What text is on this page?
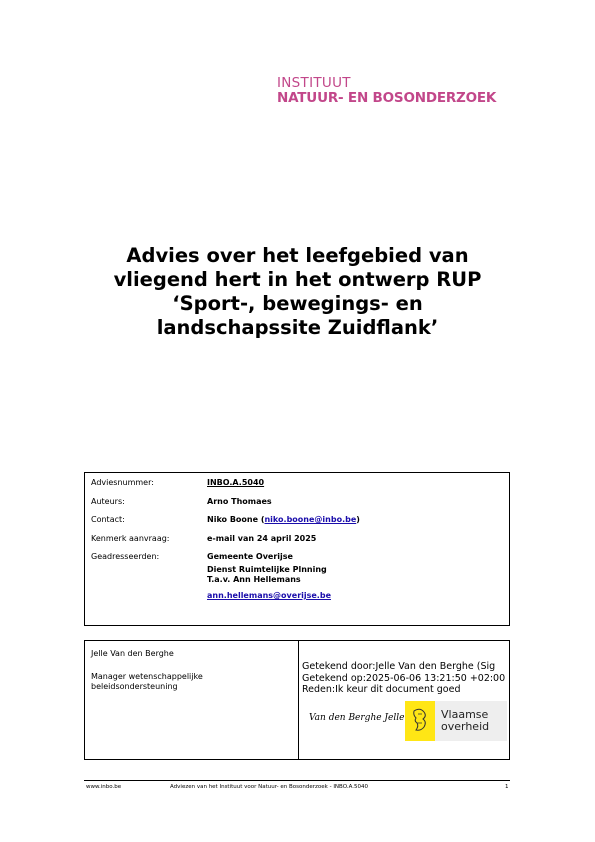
INSTITUUT
NATUUR- EN BOSONDERZOEK
Advies over het leefgebied van
vliegend hert in het ontwerp RUP
‘Sport-, bewegings- en
landschapssite Zuidflank’
Adviesnummer:	INBO.A.5040
Auteurs:	Arno Thomaes
Contact:	Niko Boone (niko.boone@inbo.be)
Kenmerk aanvraag:	e-mail van 24 april 2025
Geadresseerden:	Gemeente Overijse
Dienst Ruimtelijke Plnning
T.a.v. Ann Hellemans
ann.hellemans@overijse.be
Jelle Van den Berghe
Manager wetenschappelijke
beleidsondersteuning
Getekend door:Jelle Van den Berghe (Sig
Getekend op:2025-06-06 13:21:50 +02:00
Reden:Ik keur dit document goed
Van den Berghe Jelle	Vlaamse
overheid
www.inbo.be	Adviezen van het Instituut voor Natuur- en Bosonderzoek - INBO.A.5040	1
